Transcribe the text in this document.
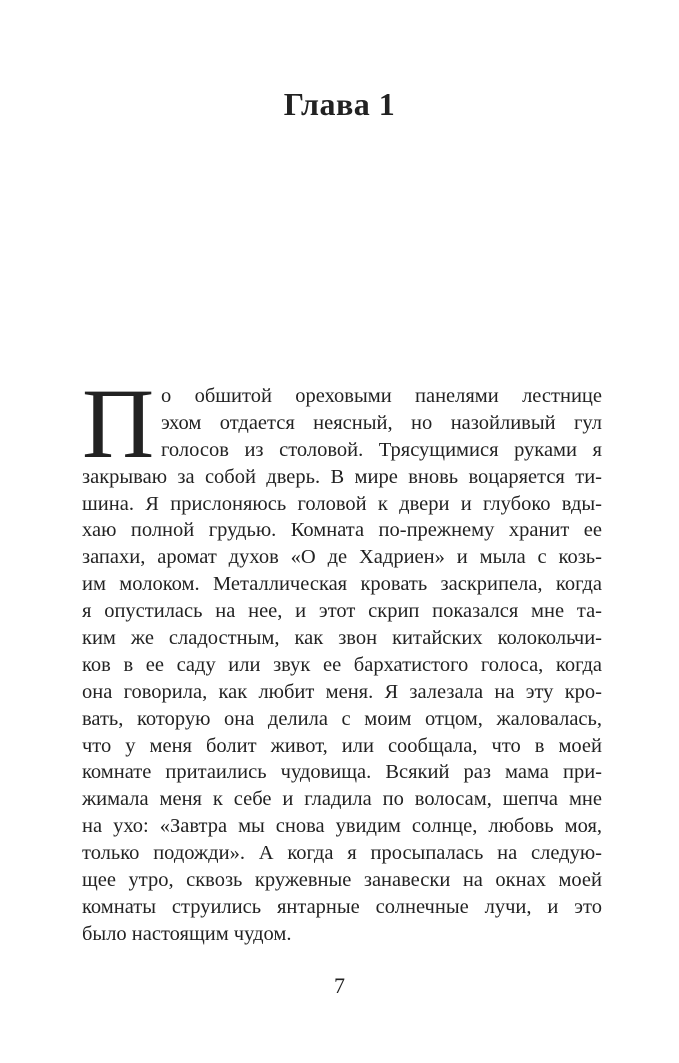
Глава 1
П о обшитой ореховыми панелями лестнице
эхом отдается неясный, но назойливый гул
голосов из столовой. Трясущимися руками я
закрываю за собой дверь. В мире вновь воцаряется ти-
шина. Я прислоняюсь головой к двери и глубоко вды-
хаю полной грудью. Комната по-прежнему хранит ее
запахи, аромат духов «О де Хадриен» и мыла с козь-
им молоком. Металлическая кровать заскрипела, когда
я опустилась на нее, и этот скрип показался мне та-
ким же сладостным, как звон китайских колокольчи-
ков в ее саду или звук ее бархатистого голоса, когда
она говорила, как любит меня. Я залезала на эту кро-
вать, которую она делила с моим отцом, жаловалась,
что у меня болит живот, или сообщала, что в моей
комнате притаились чудовища. Всякий раз мама при-
жимала меня к себе и гладила по волосам, шепча мне
на ухо: «Завтра мы снова увидим солнце, любовь моя,
только подожди». А когда я просыпалась на следую-
щее утро, сквозь кружевные занавески на окнах моей
комнаты струились янтарные солнечные лучи, и это
было настоящим чудом.
7
